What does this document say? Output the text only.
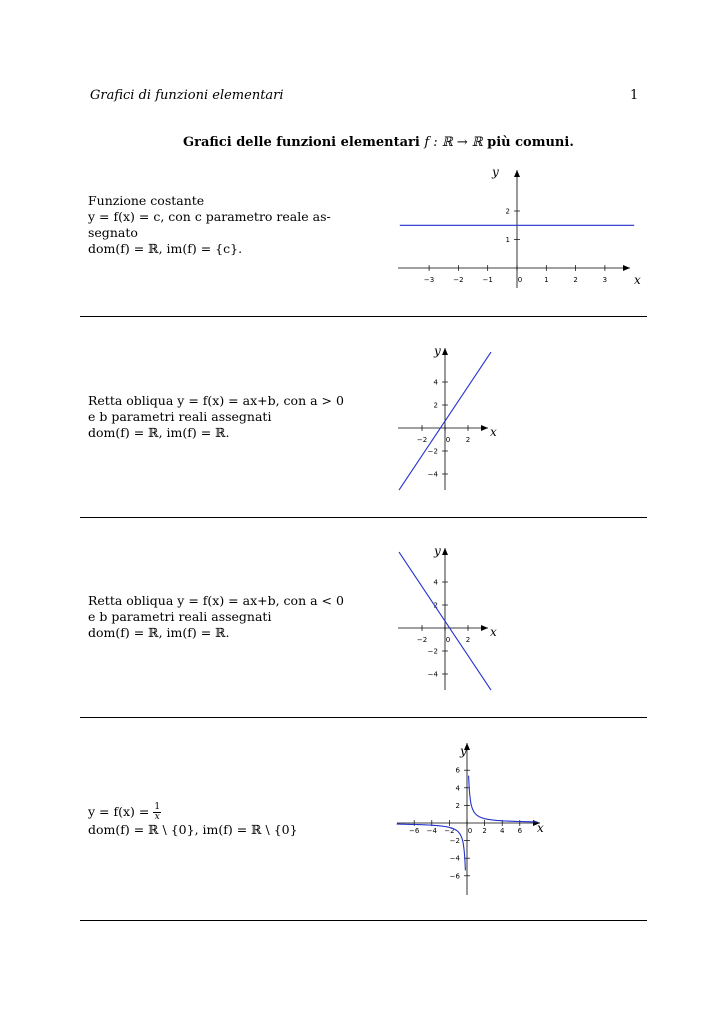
Grafici di funzioni elementari	1
Grafici delle funzioni elementari f : ℝ → ℝ più comuni.
Funzione costante
y = f(x) = c, con c parametro reale as-
segnato
dom(f) = ℝ, im(f) = {c}.
x
y
−3	−2	−1	0	1	2	3
1
2
Retta obliqua y = f(x) = ax+b, con a > 0
e b parametri reali assegnati
dom(f) = ℝ, im(f) = ℝ.	x
y
−2	0 2
4
2
−2
−4
Retta obliqua y = f(x) = ax+b, con a < 0
e b parametri reali assegnati
dom(f) = ℝ, im(f) = ℝ.	x
y
−2	0 2
4
2
−2
−4
$y = f(x) = \frac{1}{x}$
dom(f) = ℝ \ {0}, im(f) = ℝ \ {0}	x
y
−6 −4 −2 0 2 4 6
6
4
2
−2
−4
−6
